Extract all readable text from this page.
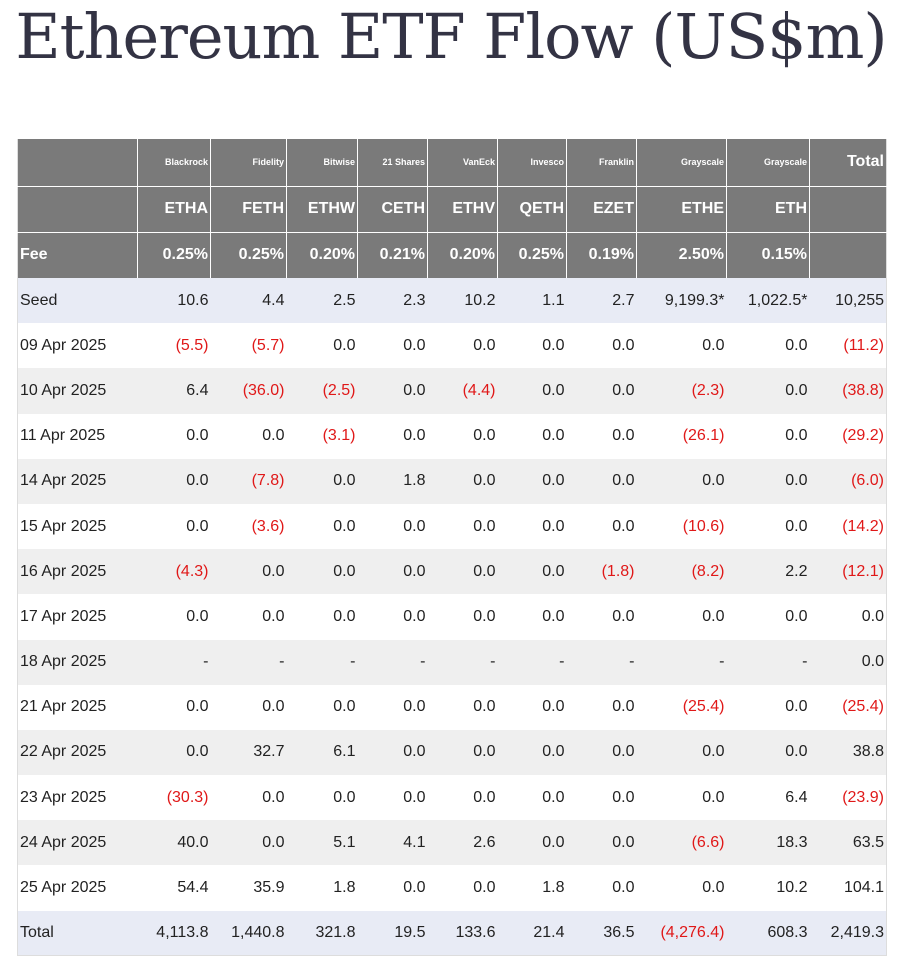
Ethereum ETF Flow (US$m)
	Blackrock	Fidelity	Bitwise	21 Shares	VanEck	Invesco	Franklin	Grayscale	Grayscale	Total
	ETHA	FETH	ETHW	CETH	ETHV	QETH	EZET	ETHE	ETH	
Fee	0.25%	0.25%	0.20%	0.21%	0.20%	0.25%	0.19%	2.50%	0.15%	
Seed	10.6	4.4	2.5	2.3	10.2	1.1	2.7	9,199.3*	1,022.5*	10,255
09 Apr 2025	(5.5)	(5.7)	0.0	0.0	0.0	0.0	0.0	0.0	0.0	(11.2)
10 Apr 2025	6.4	(36.0)	(2.5)	0.0	(4.4)	0.0	0.0	(2.3)	0.0	(38.8)
11 Apr 2025	0.0	0.0	(3.1)	0.0	0.0	0.0	0.0	(26.1)	0.0	(29.2)
14 Apr 2025	0.0	(7.8)	0.0	1.8	0.0	0.0	0.0	0.0	0.0	(6.0)
15 Apr 2025	0.0	(3.6)	0.0	0.0	0.0	0.0	0.0	(10.6)	0.0	(14.2)
16 Apr 2025	(4.3)	0.0	0.0	0.0	0.0	0.0	(1.8)	(8.2)	2.2	(12.1)
17 Apr 2025	0.0	0.0	0.0	0.0	0.0	0.0	0.0	0.0	0.0	0.0
18 Apr 2025	-	-	-	-	-	-	-	-	-	0.0
21 Apr 2025	0.0	0.0	0.0	0.0	0.0	0.0	0.0	(25.4)	0.0	(25.4)
22 Apr 2025	0.0	32.7	6.1	0.0	0.0	0.0	0.0	0.0	0.0	38.8
23 Apr 2025	(30.3)	0.0	0.0	0.0	0.0	0.0	0.0	0.0	6.4	(23.9)
24 Apr 2025	40.0	0.0	5.1	4.1	2.6	0.0	0.0	(6.6)	18.3	63.5
25 Apr 2025	54.4	35.9	1.8	0.0	0.0	1.8	0.0	0.0	10.2	104.1
Total	4,113.8	1,440.8	321.8	19.5	133.6	21.4	36.5	(4,276.4)	608.3	2,419.3
